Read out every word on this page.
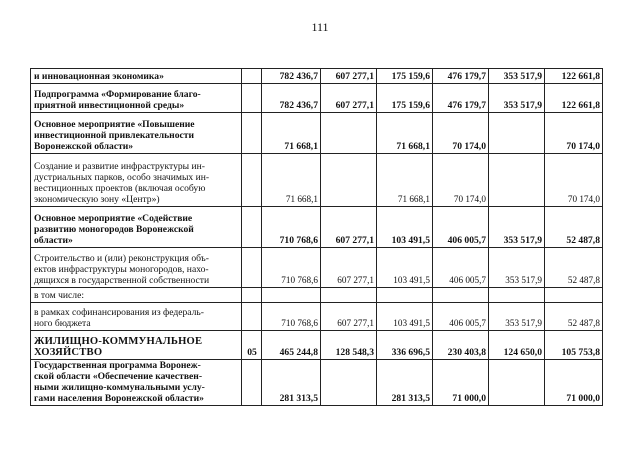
111
и инновационная экономика»		782 436,7	607 277,1	175 159,6	476 179,7	353 517,9	122 661,8

Подпрограмма «Формирование благо-
приятной инвестиционной среды»		782 436,7	607 277,1	175 159,6	476 179,7	353 517,9	122 661,8

Основное мероприятие «Повышение
инвестиционной привлекательности
Воронежской области»		71 668,1		71 668,1	70 174,0		70 174,0

Создание и развитие инфраструктуры ин-
дустриальных парков, особо значимых ин-
вестиционных проектов (включая особую
экономическую зону «Центр»)		71 668,1		71 668,1	70 174,0		70 174,0

Основное мероприятие «Содействие
развитию моногородов Воронежской
области»		710 768,6	607 277,1	103 491,5	406 005,7	353 517,9	52 487,8

Строительство и (или) реконструкция объ-
ектов инфраструктуры моногородов, нахо-
дящихся в государственной собственности		710 768,6	607 277,1	103 491,5	406 005,7	353 517,9	52 487,8

в том числе:							

в рамках софинансирования из федераль-
ного бюджета		710 768,6	607 277,1	103 491,5	406 005,7	353 517,9	52 487,8

ЖИЛИЩНО-КОММУНАЛЬНОЕ
ХОЗЯЙСТВО	05	465 244,8	128 548,3	336 696,5	230 403,8	124 650,0	105 753,8

Государственная программа Воронеж-
ской области «Обеспечение качествен-
ными жилищно-коммунальными услу-
гами населения Воронежской области»		281 313,5		281 313,5	71 000,0		71 000,0
